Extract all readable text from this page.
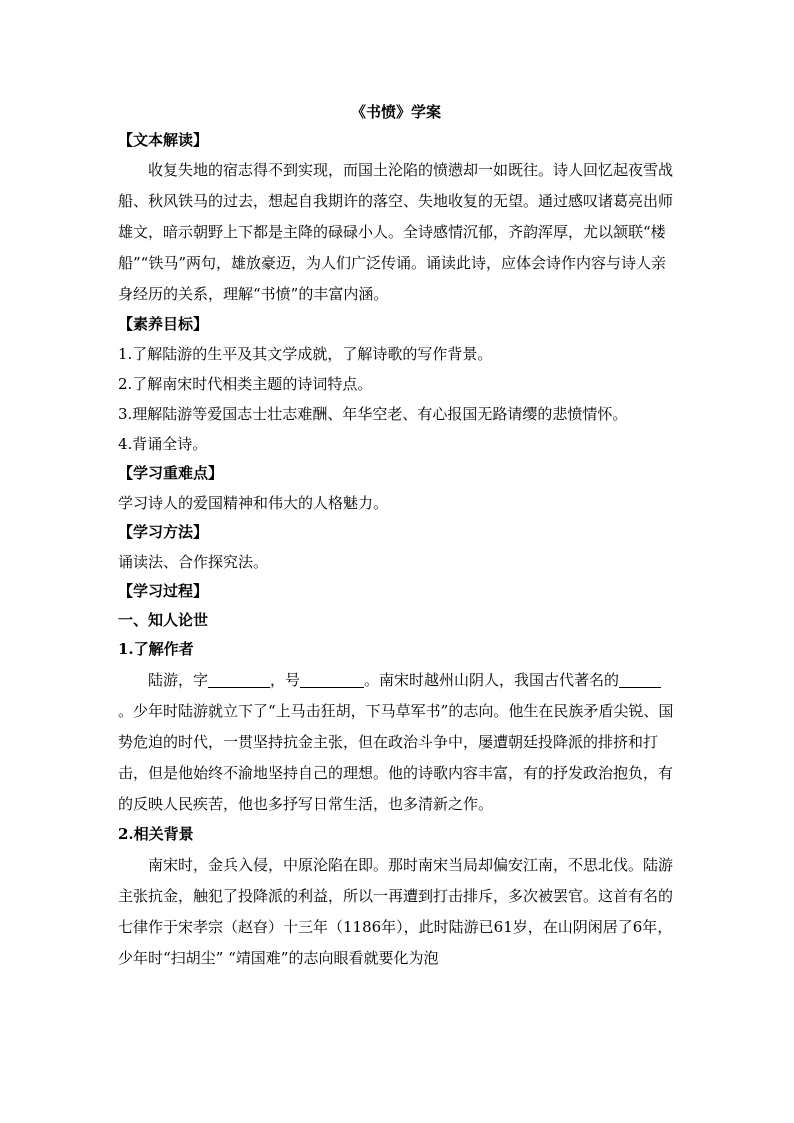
《书愤》学案
【文本解读】

收复失地的宿志得不到实现，而国土沦陷的愤懑却一如既往。诗人回忆起夜雪战船、秋风铁马的过去，想起自我期许的落空、失地收复的无望。通过感叹诸葛亮出师雄文，暗示朝野上下都是主降的碌碌小人。全诗感情沉郁，齐韵浑厚，尤以颔联“楼船”“铁马”两句，雄放豪迈，为人们广泛传诵。诵读此诗，应体会诗作内容与诗人亲身经历的关系，理解“书愤”的丰富内涵。

【素养目标】
1.了解陆游的生平及其文学成就，了解诗歌的写作背景。
2.了解南宋时代相类主题的诗词特点。
3.理解陆游等爱国志士壮志难酬、年华空老、有心报国无路请缨的悲愤情怀。
4.背诵全诗。
【学习重难点】
学习诗人的爱国精神和伟大的人格魅力。
【学习方法】
诵读法、合作探究法。
【学习过程】
一、知人论世
1.了解作者

陆游，字	，号	。南宋时越州山阴人，我国古代著名的。少年时陆游就立下了“上马击狂胡，下马草军书”的志向。他生在民族矛盾尖锐、国势危迫的时代，一贯坚持抗金主张，但在政治斗争中，屡遭朝廷投降派的排挤和打击，但是他始终不渝地坚持自己的理想。他的诗歌内容丰富，有的抒发政治抱负，有的反映人民疾苦，他也多抒写日常生活，也多清新之作。

2.相关背景

南宋时，金兵入侵，中原沦陷在即。那时南宋当局却偏安江南，不思北伐。陆游主张抗金，触犯了投降派的利益，所以一再遭到打击排斥，多次被罢官。这首有名的七律作于宋孝宗（赵昚）十三年（1186年），此时陆游已61岁，在山阴闲居了6年，少年时“扫胡尘” “靖国难”的志向眼看就要化为泡
